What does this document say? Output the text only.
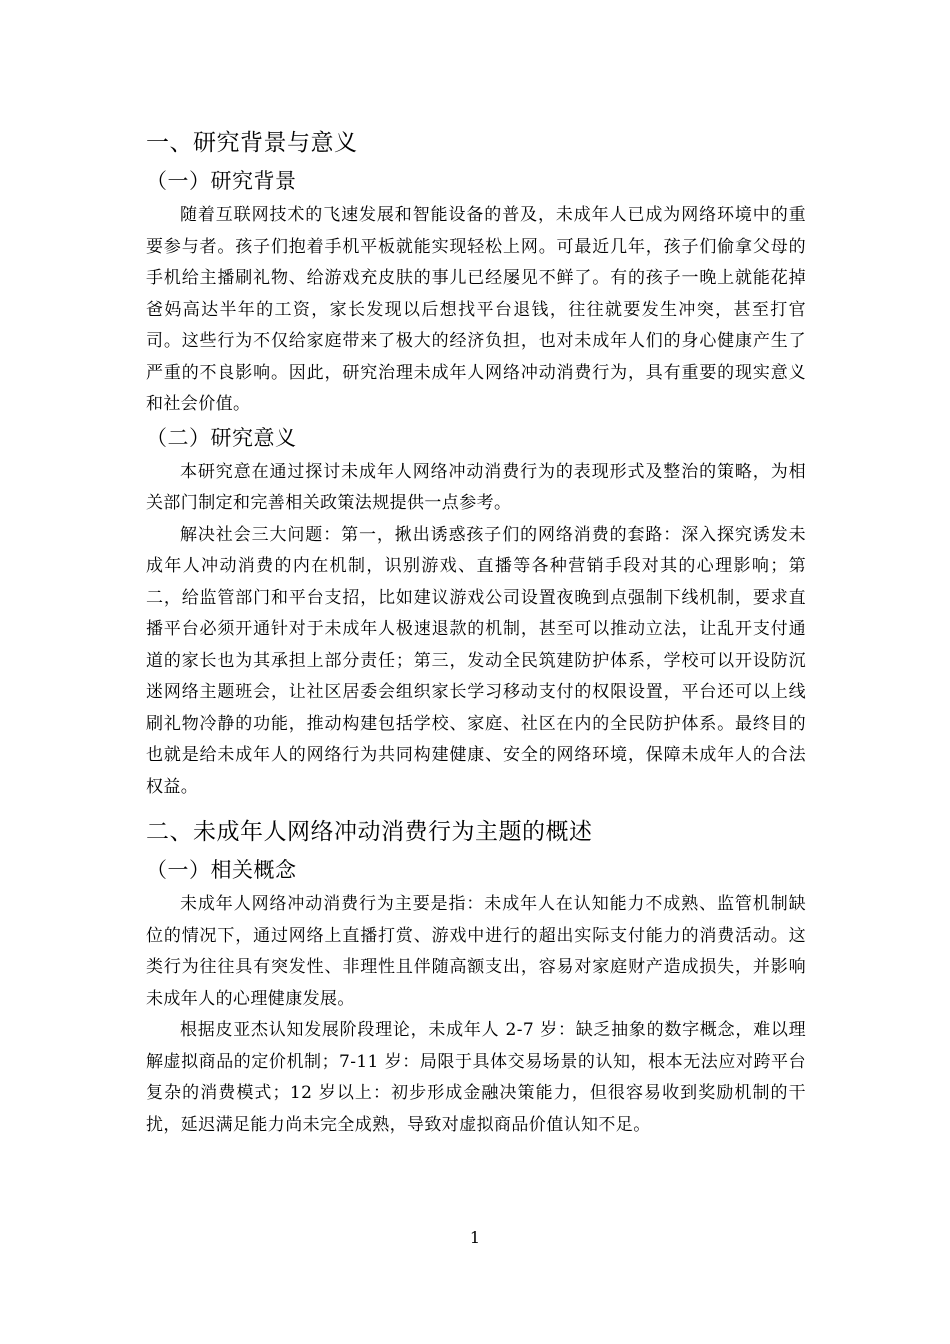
一、研究背景与意义
（一）研究背景

随着互联网技术的飞速发展和智能设备的普及，未成年人已成为网络环境中的重要参与者。孩子们抱着手机平板就能实现轻松上网。可最近几年，孩子们偷拿父母的手机给主播刷礼物、给游戏充皮肤的事儿已经屡见不鲜了。有的孩子一晚上就能花掉爸妈高达半年的工资，家长发现以后想找平台退钱，往往就要发生冲突，甚至打官司。这些行为不仅给家庭带来了极大的经济负担，也对未成年人们的身心健康产生了严重的不良影响。因此，研究治理未成年人网络冲动消费行为，具有重要的现实意义和社会价值。

（二）研究意义

本研究意在通过探讨未成年人网络冲动消费行为的表现形式及整治的策略，为相关部门制定和完善相关政策法规提供一点参考。

解决社会三大问题：第一，揪出诱惑孩子们的网络消费的套路：深入探究诱发未成年人冲动消费的内在机制，识别游戏、直播等各种营销手段对其的心理影响；第二，给监管部门和平台支招，比如建议游戏公司设置夜晚到点强制下线机制，要求直播平台必须开通针对于未成年人极速退款的机制，甚至可以推动立法，让乱开支付通道的家长也为其承担上部分责任；第三，发动全民筑建防护体系，学校可以开设防沉迷网络主题班会，让社区居委会组织家长学习移动支付的权限设置，平台还可以上线刷礼物冷静的功能，推动构建包括学校、家庭、社区在内的全民防护体系。最终目的也就是给未成年人的网络行为共同构建健康、安全的网络环境，保障未成年人的合法权益。

二、未成年人网络冲动消费行为主题的概述
（一）相关概念

未成年人网络冲动消费行为主要是指：未成年人在认知能力不成熟、监管机制缺位的情况下，通过网络上直播打赏、游戏中进行的超出实际支付能力的消费活动。这类行为往往具有突发性、非理性且伴随高额支出，容易对家庭财产造成损失，并影响未成年人的心理健康发展。

根据皮亚杰认知发展阶段理论，未成年人 2-7 岁：缺乏抽象的数字概念，难以理解虚拟商品的定价机制；7-11 岁：局限于具体交易场景的认知，根本无法应对跨平台复杂的消费模式；12 岁以上：初步形成金融决策能力，但很容易收到奖励机制的干扰，延迟满足能力尚未完全成熟，导致对虚拟商品价值认知不足。

1
